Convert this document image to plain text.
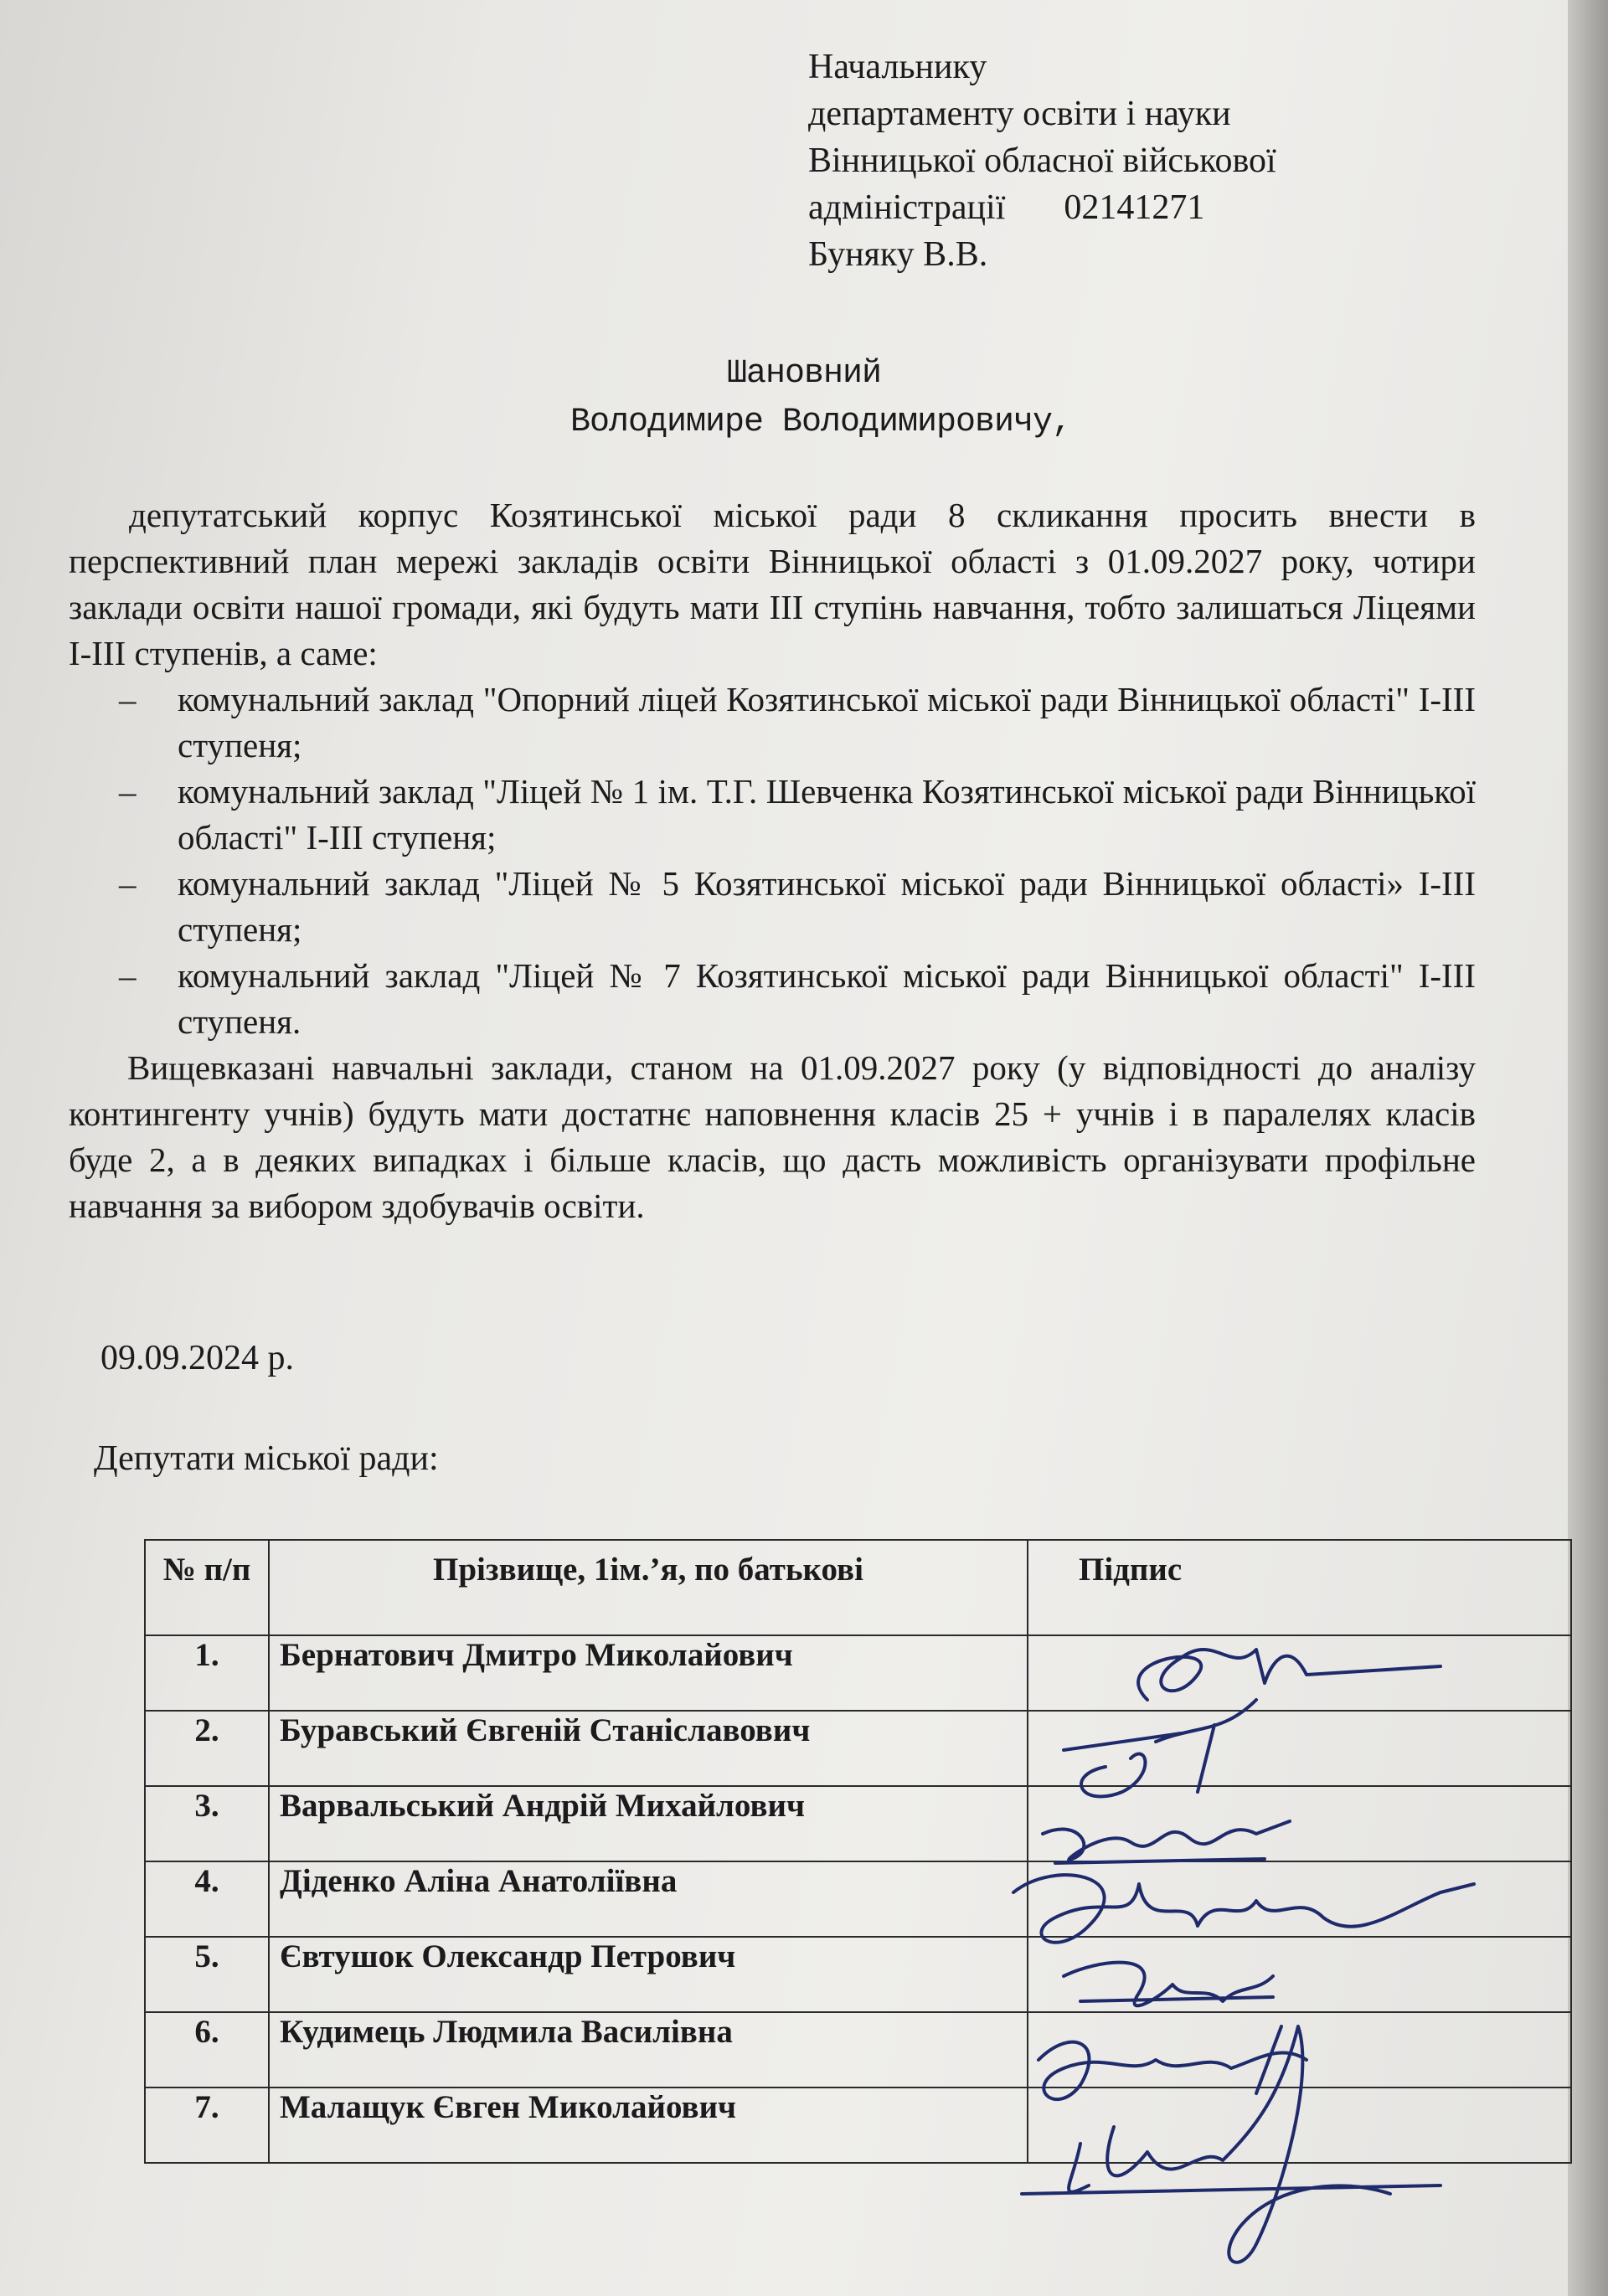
Начальнику
департаменту освіти і науки
Вінницької обласної військової
адміністрації 02141271
Буняку В.В.
Шановний
Володимире Володимировичу,

депутатський корпус Козятинської міської ради 8 скликання просить внести в перспективний план мережі закладів освіти Вінницької області з 01.09.2027 року, чотири заклади освіти нашої громади, які будуть мати ІІІ ступінь навчання, тобто залишаться Ліцеями І-ІІІ ступенів, а саме:

– комунальний заклад "Опорний ліцей Козятинської міської ради Вінницької області" І-ІІІ ступеня;
– комунальний заклад "Ліцей № 1 ім. Т.Г. Шевченка Козятинської міської ради Вінницької області" І-ІІІ ступеня;
– комунальний заклад "Ліцей № 5 Козятинської міської ради Вінницької області» І-ІІІ ступеня;
– комунальний заклад "Ліцей № 7 Козятинської міської ради Вінницької області" І-ІІІ ступеня.

Вищевказані навчальні заклади, станом на 01.09.2027 року (у відповідності до аналізу контингенту учнів) будуть мати достатнє наповнення класів 25 + учнів і в паралелях класів буде 2, а в деяких випадках і більше класів, що дасть можливість організувати профільне навчання за вибором здобувачів освіти.

09.09.2024 р.
Депутати міської ради:
№ п/п	Прізвище, 1ім.’я, по батькові	Підпис
1.	Бернатович Дмитро Миколайович	
2.	Буравський Євгеній Станіславович	
3.	Варвальський Андрій Михайлович	
4.	Діденко Аліна Анатоліївна	
5.	Євтушок Олександр Петрович	
6.	Кудимець Людмила Василівна	
7.	Малащук Євген Миколайович	
